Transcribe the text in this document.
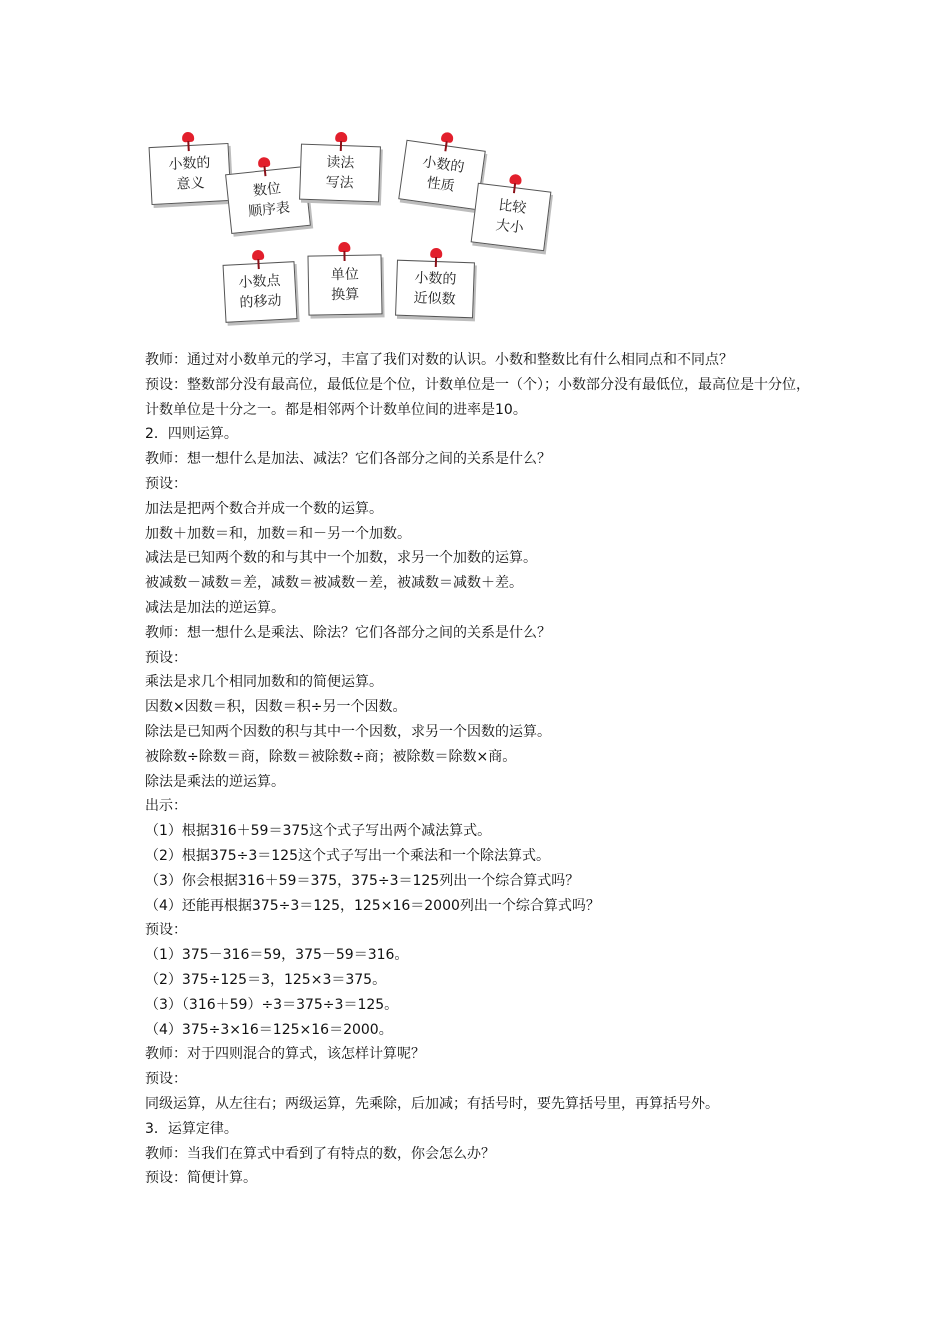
小数的
意义	数位
顺序表
读法
写法
小数的
性质
比较
大小
小数点
的移动
单位
换算
小数的
近似数

教师：通过对小数单元的学习，丰富了我们对数的认识。小数和整数比有什么相同点和不同点？

预设：整数部分没有最高位，最低位是个位，计数单位是一（个）；小数部分没有最低位，最高位是十分位，计数单位是十分之一。都是相邻两个计数单位间的进率是10。

2．四则运算。

教师：想一想什么是加法、减法？它们各部分之间的关系是什么？

预设：

加法是把两个数合并成一个数的运算。

加数＋加数＝和，加数＝和－另一个加数。

减法是已知两个数的和与其中一个加数，求另一个加数的运算。

被减数－减数＝差，减数＝被减数－差，被减数＝减数＋差。

减法是加法的逆运算。

教师：想一想什么是乘法、除法？它们各部分之间的关系是什么？

预设：

乘法是求几个相同加数和的简便运算。

因数×因数＝积，因数＝积÷另一个因数。

除法是已知两个因数的积与其中一个因数，求另一个因数的运算。

被除数÷除数＝商，除数＝被除数÷商；被除数＝除数×商。

除法是乘法的逆运算。

出示：

（1）根据316＋59＝375这个式子写出两个减法算式。

（2）根据375÷3＝125这个式子写出一个乘法和一个除法算式。

（3）你会根据316＋59＝375，375÷3＝125列出一个综合算式吗？

（4）还能再根据375÷3＝125，125×16＝2000列出一个综合算式吗？

预设：

（1）375－316＝59，375－59＝316。

（2）375÷125＝3，125×3＝375。

（3）（316＋59）÷3＝375÷3＝125。

（4）375÷3×16＝125×16＝2000。

教师：对于四则混合的算式，该怎样计算呢？

预设：

同级运算，从左往右；两级运算，先乘除，后加减；有括号时，要先算括号里，再算括号外。

3．运算定律。

教师：当我们在算式中看到了有特点的数，你会怎么办？

预设：简便计算。
